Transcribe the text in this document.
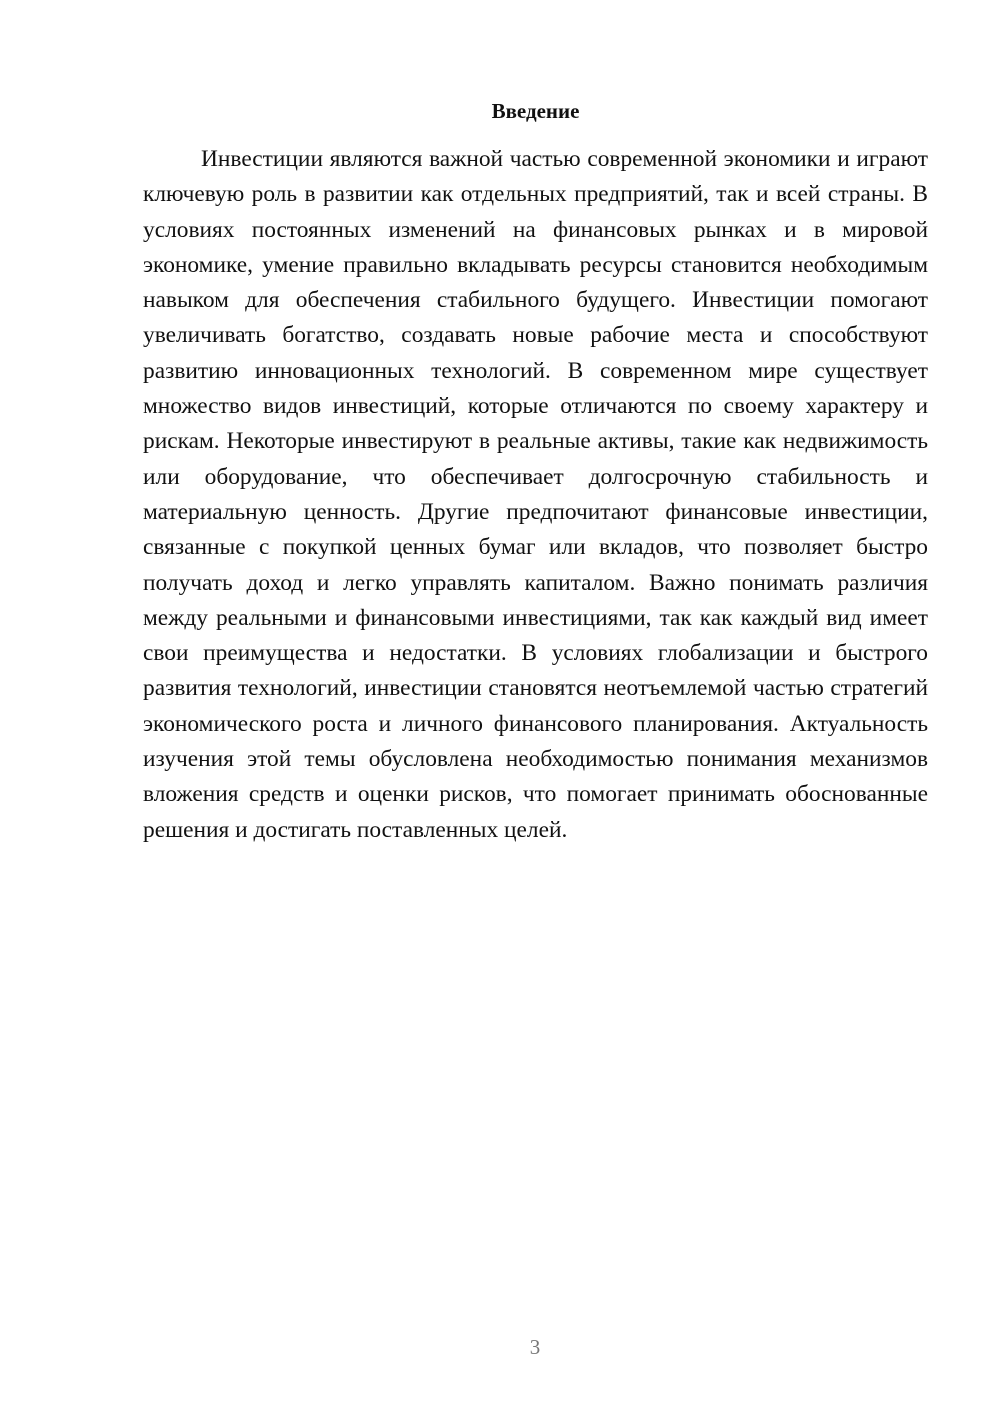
Введение

Инвестиции являются важной частью современной экономики и играют ключевую роль в развитии как отдельных предприятий, так и всей страны. В условиях постоянных изменений на финансовых рынках и в мировой экономике, умение правильно вкладывать ресурсы становится необходимым навыком для обеспечения стабильного будущего. Инвестиции помогают увеличивать богатство, создавать новые рабочие места и способствуют развитию инновационных технологий. В современном мире существует множество видов инвестиций, которые отличаются по своему характеру и рискам. Некоторые инвестируют в реальные активы, такие как недвижимость или оборудование, что обеспечивает долгосрочную стабильность и материальную ценность. Другие предпочитают финансовые инвестиции, связанные с покупкой ценных бумаг или вкладов, что позволяет быстро получать доход и легко управлять капиталом. Важно понимать различия между реальными и финансовыми инвестициями, так как каждый вид имеет свои преимущества и недостатки. В условиях глобализации и быстрого развития технологий, инвестиции становятся неотъемлемой частью стратегий экономического роста и личного финансового планирования. Актуальность изучения этой темы обусловлена необходимостью понимания механизмов вложения средств и оценки рисков, что помогает принимать обоснованные решения и достигать поставленных целей.

3
